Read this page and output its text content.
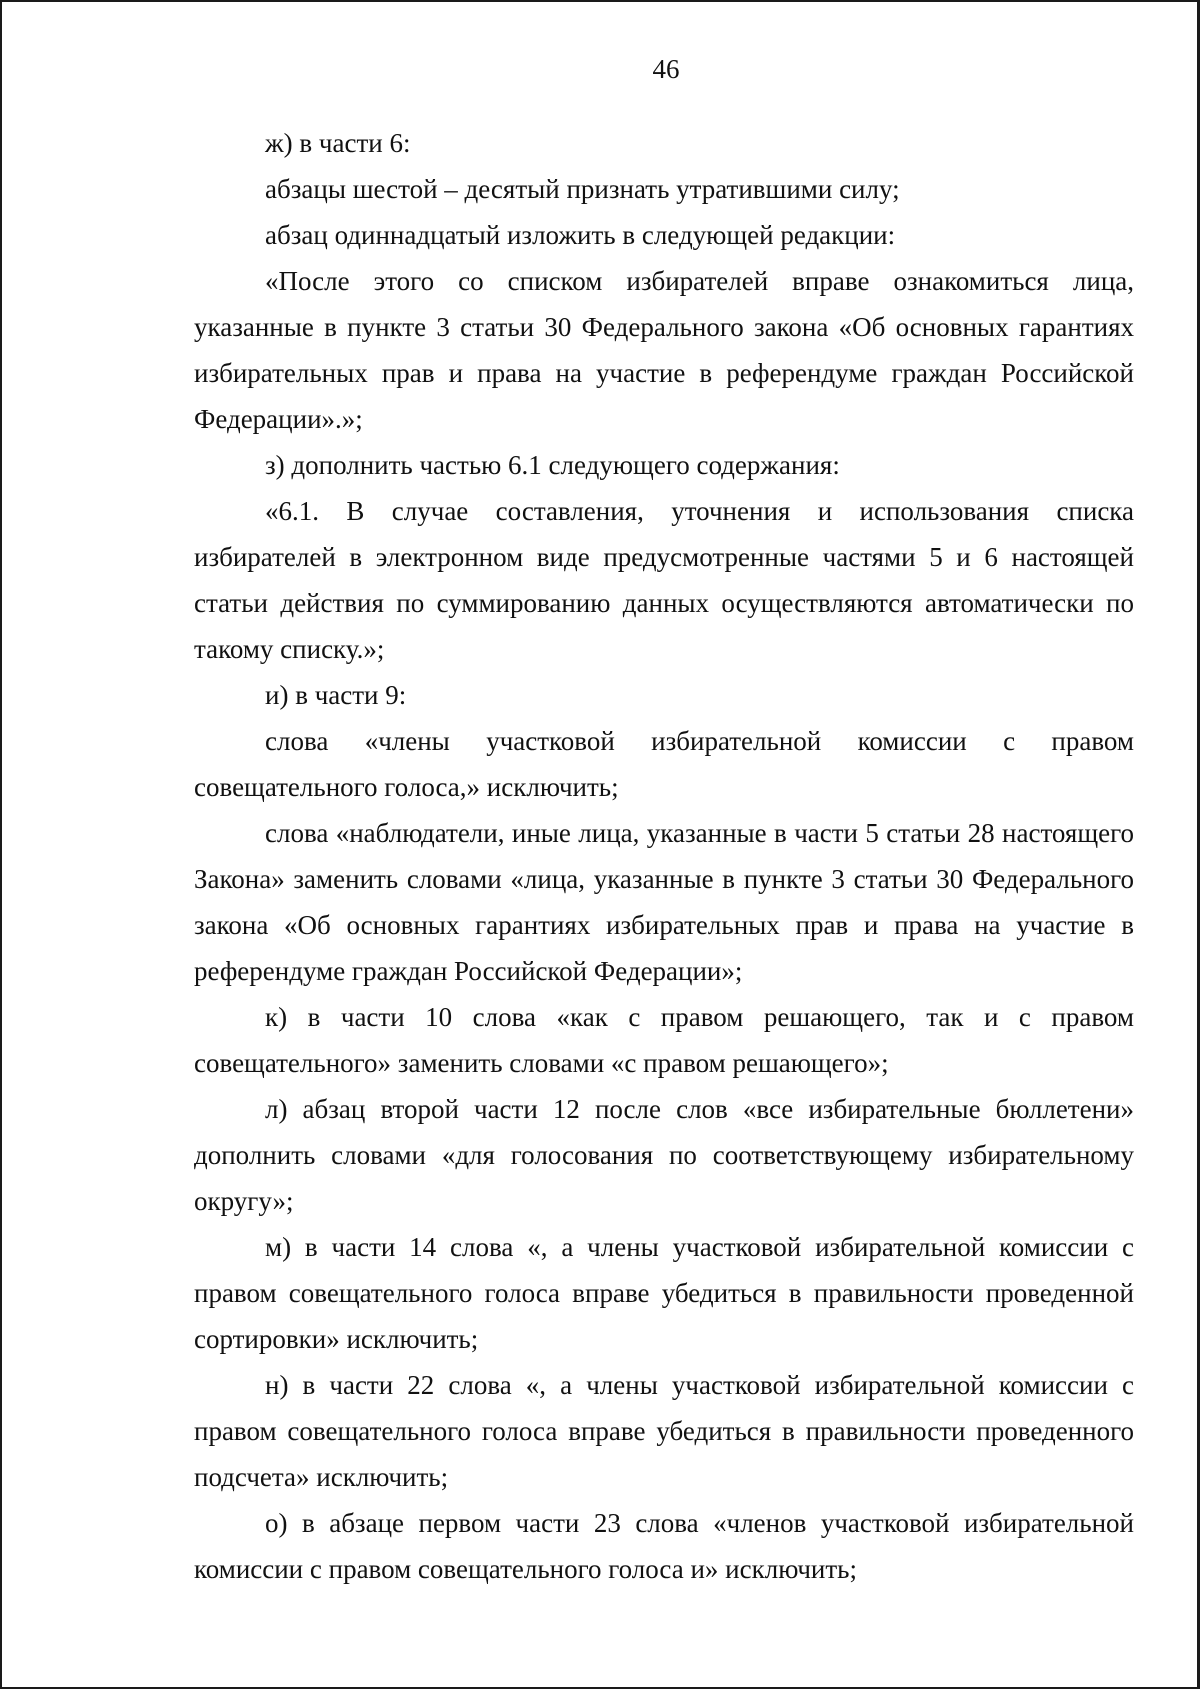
46

ж) в части 6:

абзацы шестой – десятый признать утратившими силу;

абзац одиннадцатый изложить в следующей редакции:

«После этого со списком избирателей вправе ознакомиться лица, указанные в пункте 3 статьи 30 Федерального закона «Об основных гарантиях избирательных прав и права на участие в референдуме граждан Российской Федерации».»;

з) дополнить частью 6.1 следующего содержания:

«6.1. В случае составления, уточнения и использования списка избирателей в электронном виде предусмотренные частями 5 и 6 настоящей статьи действия по суммированию данных осуществляются автоматически по такому списку.»;

и) в части 9:

слова «члены участковой избирательной комиссии с правом совещательного голоса,» исключить;

слова «наблюдатели, иные лица, указанные в части 5 статьи 28 настоящего Закона» заменить словами «лица, указанные в пункте 3 статьи 30 Федерального закона «Об основных гарантиях избирательных прав и права на участие в референдуме граждан Российской Федерации»;

к) в части 10 слова «как с правом решающего, так и с правом совещательного» заменить словами «с правом решающего»;

л) абзац второй части 12 после слов «все избирательные бюллетени» дополнить словами «для голосования по соответствующему избирательному округу»;

м) в части 14 слова «, а члены участковой избирательной комиссии с правом совещательного голоса вправе убедиться в правильности проведенной сортировки» исключить;

н) в части 22 слова «, а члены участковой избирательной комиссии с правом совещательного голоса вправе убедиться в правильности проведенного подсчета» исключить;

о) в абзаце первом части 23 слова «членов участковой избирательной комиссии с правом совещательного голоса и» исключить;
